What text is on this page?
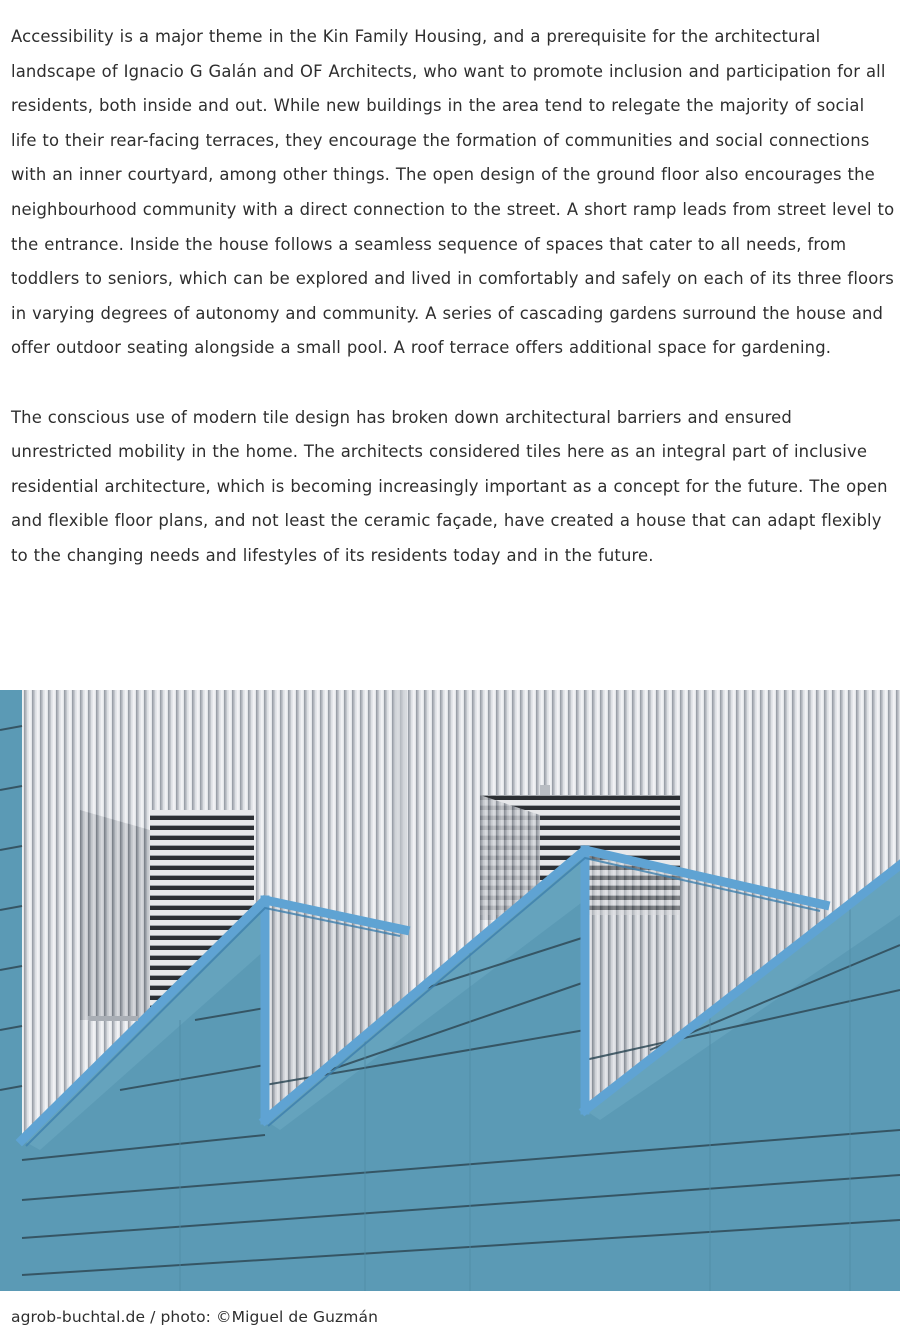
Accessibility is a major theme in the Kin Family Housing, and a prerequisite for the architectural landscape of Ignacio G Galán and OF Architects, who want to promote inclusion and participation for all residents, both inside and out. While new buildings in the area tend to relegate the majority of social life to their rear-facing terraces, they encourage the formation of communities and social connections with an inner courtyard, among other things. The open design of the ground floor also encourages the neighbourhood community with a direct connection to the street. A short ramp leads from street level to the entrance. Inside the house follows a seamless sequence of spaces that cater to all needs, from toddlers to seniors, which can be explored and lived in comfortably and safely on each of its three floors in varying degrees of autonomy and community. A series of cascading gardens surround the house and offer outdoor seating alongside a small pool. A roof terrace offers additional space for gardening.

The conscious use of modern tile design has broken down architectural barriers and ensured unrestricted mobility in the home. The architects considered tiles here as an integral part of inclusive residential architecture, which is becoming increasingly important as a concept for the future. The open and flexible floor plans, and not least the ceramic façade, have created a house that can adapt flexibly to the changing needs and lifestyles of its residents today and in the future.

agrob-buchtal.de / photo: ©Miguel de Guzmán
